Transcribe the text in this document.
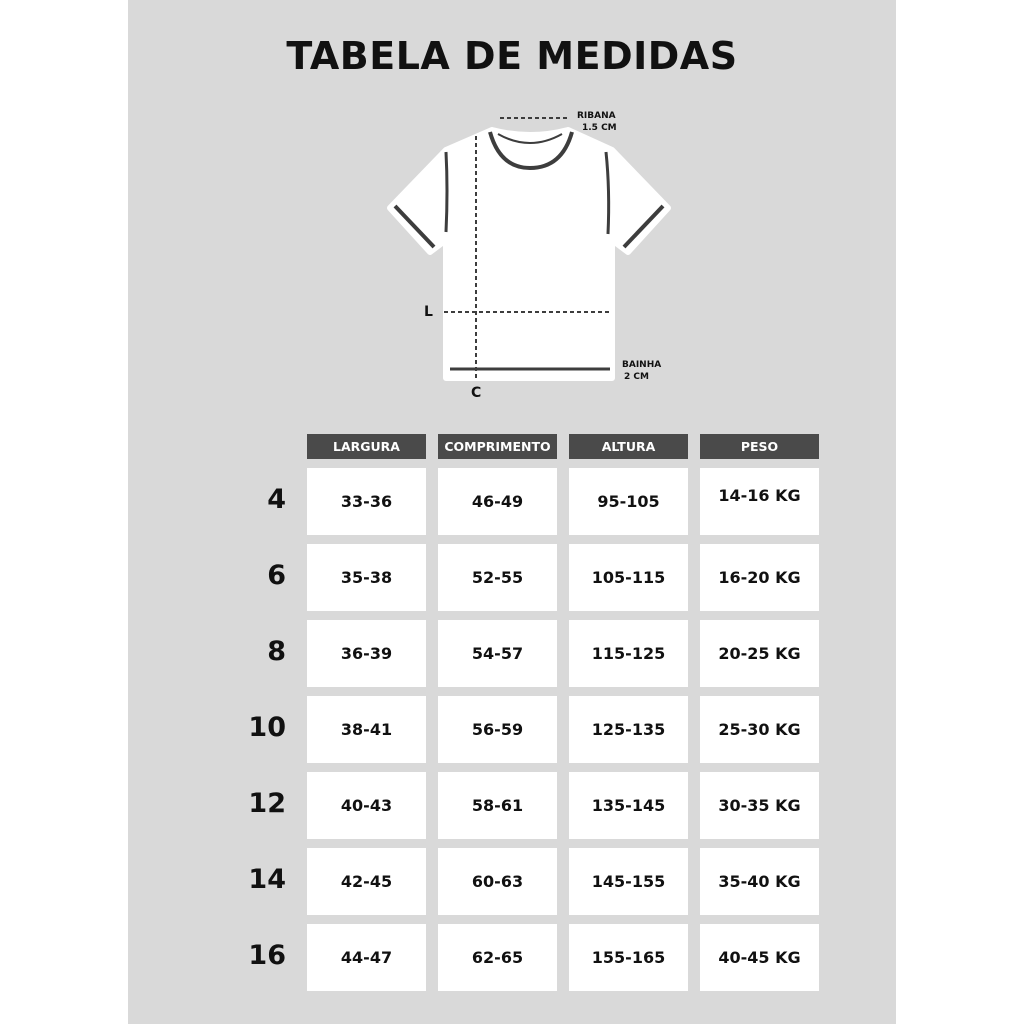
TABELA DE MEDIDAS
RIBANA
1.5 CM
BAINHA
2 CM
L
C
LARGURA	COMPRIMENTO	ALTURA	PESO
4	33-36	46-49	95-105	14-16 KG
6	35-38	52-55	105-115	16-20 KG
8	36-39	54-57	115-125	20-25 KG
10	38-41	56-59	125-135	25-30 KG
12	40-43	58-61	135-145	30-35 KG
14	42-45	60-63	145-155	35-40 KG
16	44-47	62-65	155-165	40-45 KG
